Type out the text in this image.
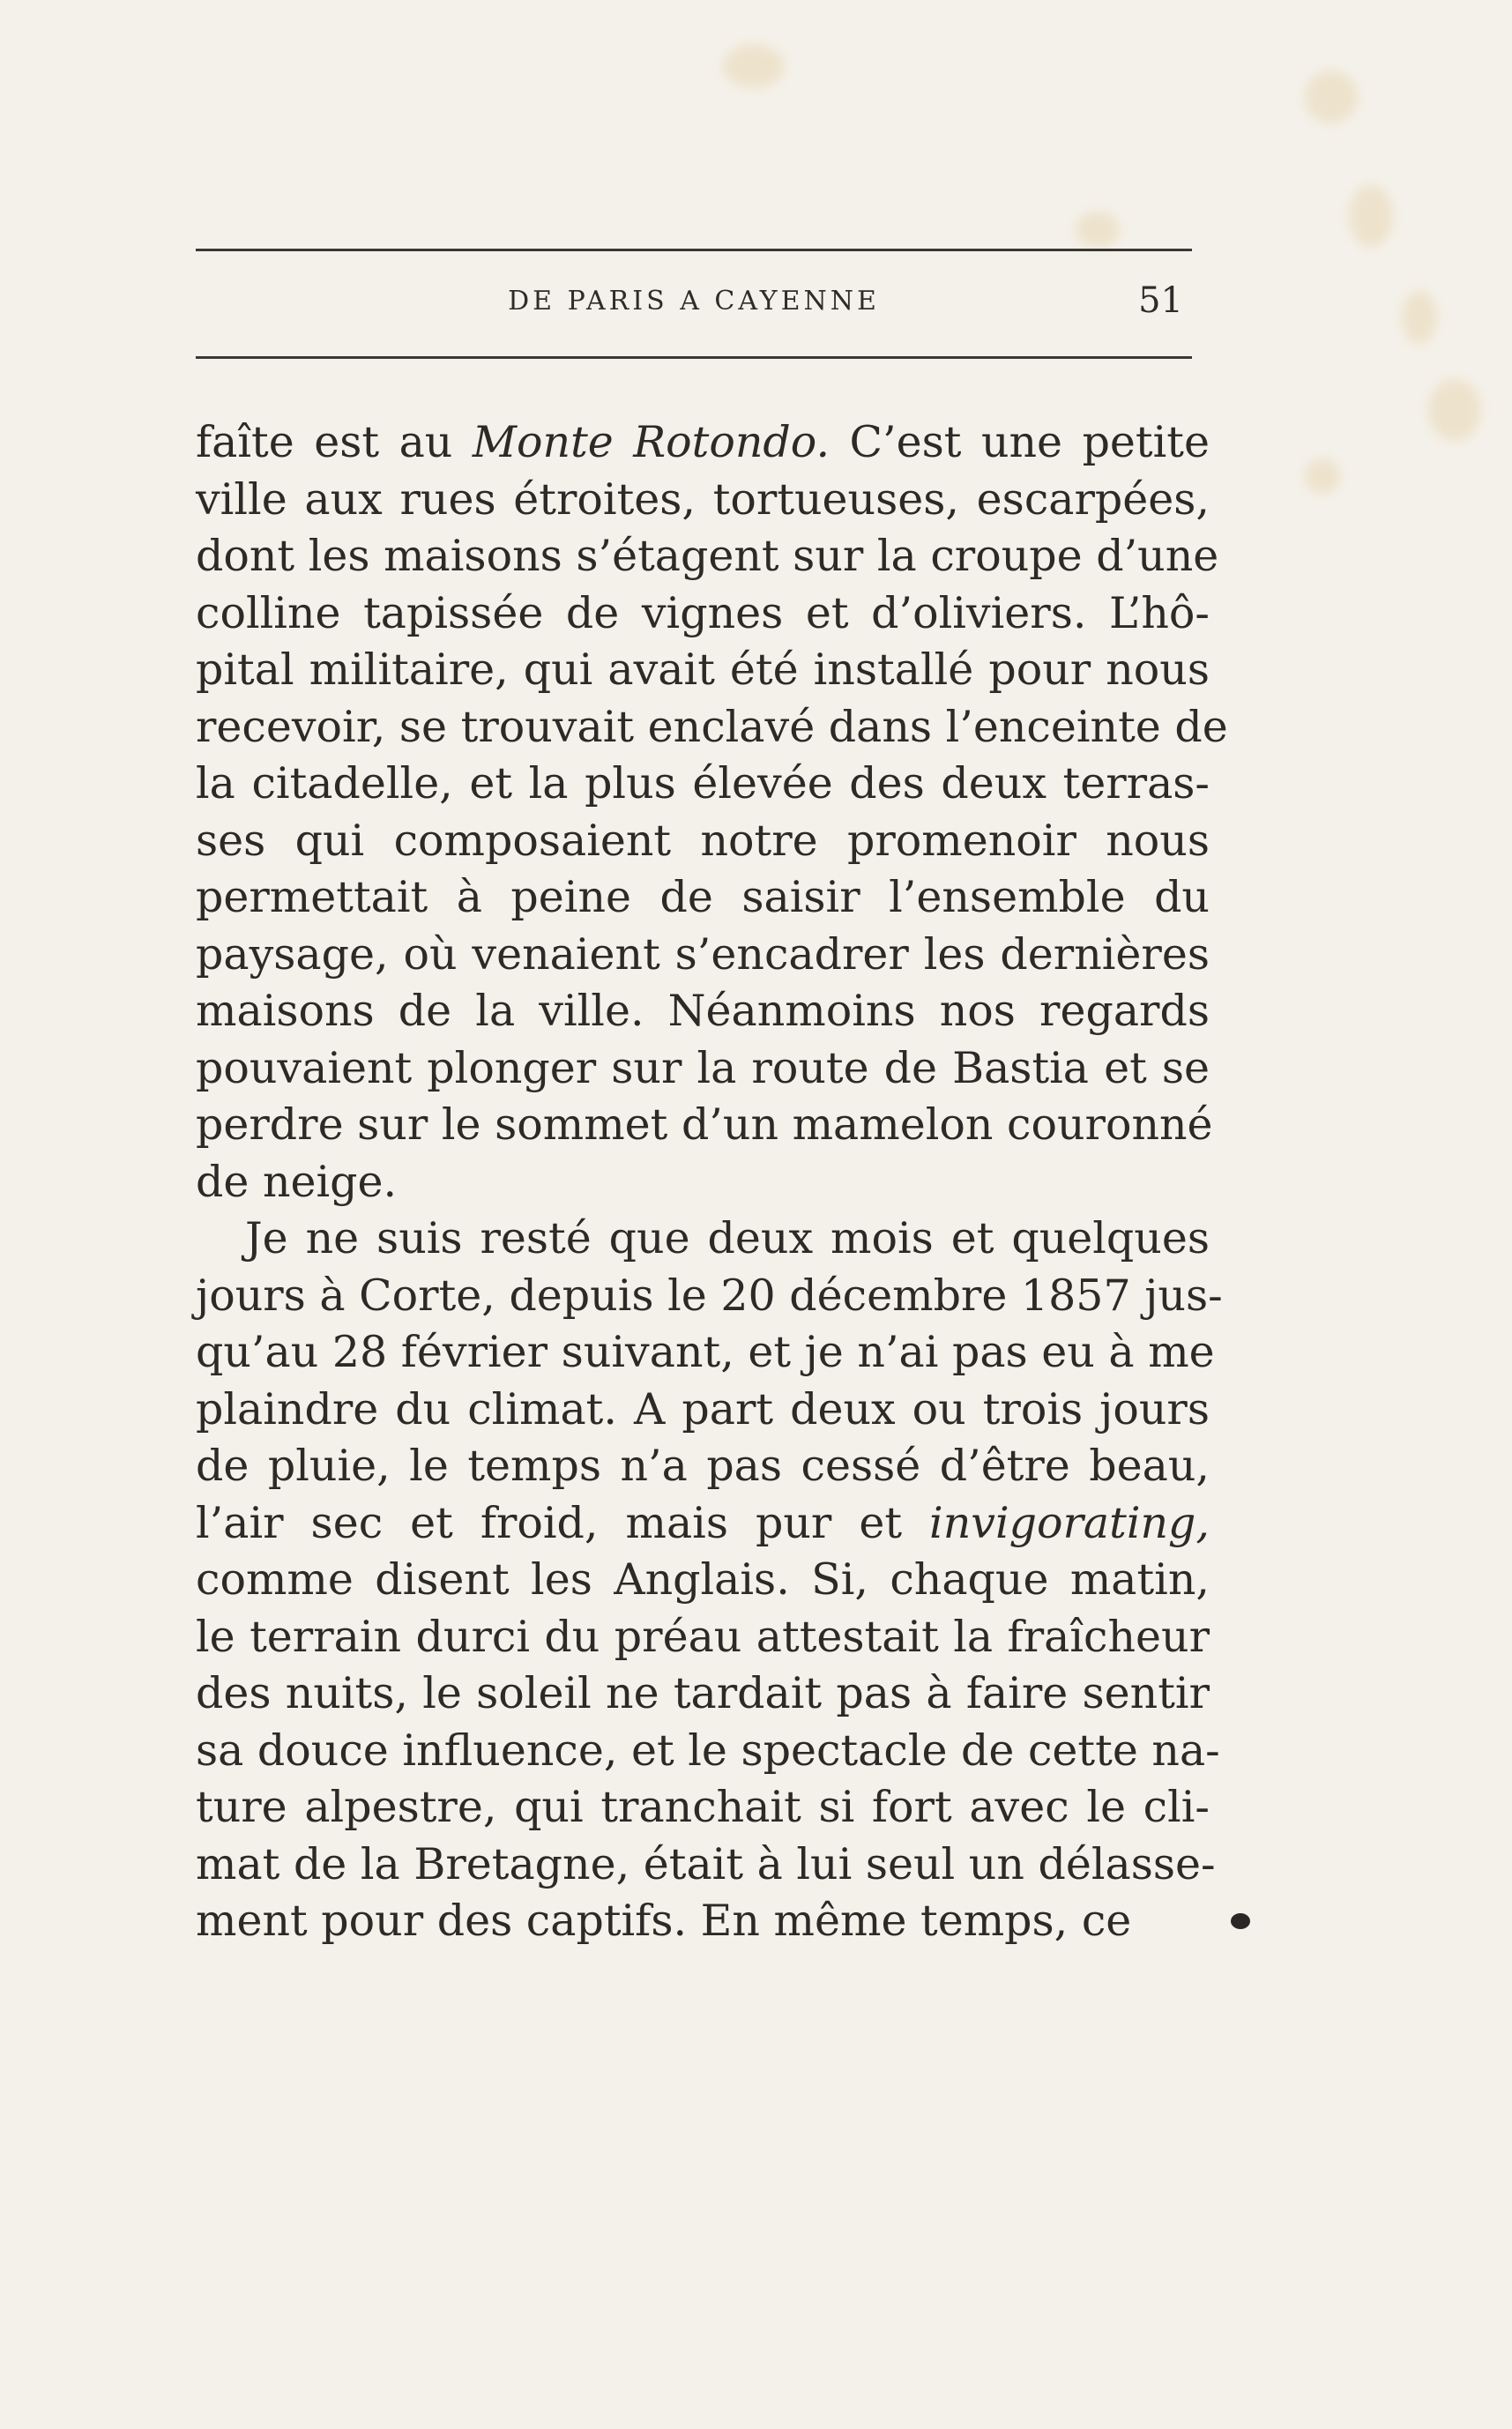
DE PARIS A CAYENNE	51
faîte est au Monte Rotondo. C’est une petite
ville aux rues étroites, tortueuses, escarpées,
dont les maisons s’étagent sur la croupe d’une
colline tapissée de vignes et d’oliviers. L’hô-
pital militaire, qui avait été installé pour nous
recevoir, se trouvait enclavé dans l’enceinte de
la citadelle, et la plus élevée des deux terras-
ses qui composaient notre promenoir nous
permettait à peine de saisir l’ensemble du
paysage, où venaient s’encadrer les dernières
maisons de la ville. Néanmoins nos regards
pouvaient plonger sur la route de Bastia et se
perdre sur le sommet d’un mamelon couronné
de neige.
Je ne suis resté que deux mois et quelques
jours à Corte, depuis le 20 décembre 1857 jus-
qu’au 28 février suivant, et je n’ai pas eu à me
plaindre du climat. A part deux ou trois jours
de pluie, le temps n’a pas cessé d’être beau,
l’air sec et froid, mais pur et invigorating,
comme disent les Anglais. Si, chaque matin,
le terrain durci du préau attestait la fraîcheur
des nuits, le soleil ne tardait pas à faire sentir
sa douce influence, et le spectacle de cette na-
ture alpestre, qui tranchait si fort avec le cli-
mat de la Bretagne, était à lui seul un délasse-
ment pour des captifs. En même temps, ce
